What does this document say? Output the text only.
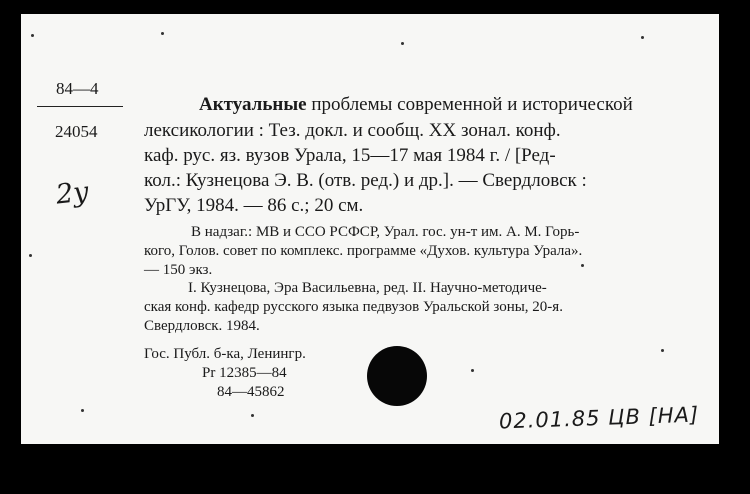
84—4
24054
2у
Актуальные проблемы современной и исторической
лексикологии : Тез. докл. и сообщ. XX зонал. конф.
каф. рус. яз. вузов Урала, 15—17 мая 1984 г. / [Ред-
кол.: Кузнецова Э. В. (отв. ред.) и др.]. — Свердловск :
УрГУ, 1984. — 86 с.; 20 см.
В надзаг.: МВ и ССО РСФСР, Урал. гос. ун-т им. А. М. Горь-
кого, Голов. совет по комплекс. программе «Духов. культура Урала».
— 150 экз.
I. Кузнецова, Эра Васильевна, ред. II. Научно-методиче-
ская конф. кафедр русского языка педвузов Уральской зоны, 20-я.
Свердловск. 1984.
Гос. Публ. б-ка, Ленингр.
Pr 12385—84
84—45862
02.01.85 ЦВ [НА]
